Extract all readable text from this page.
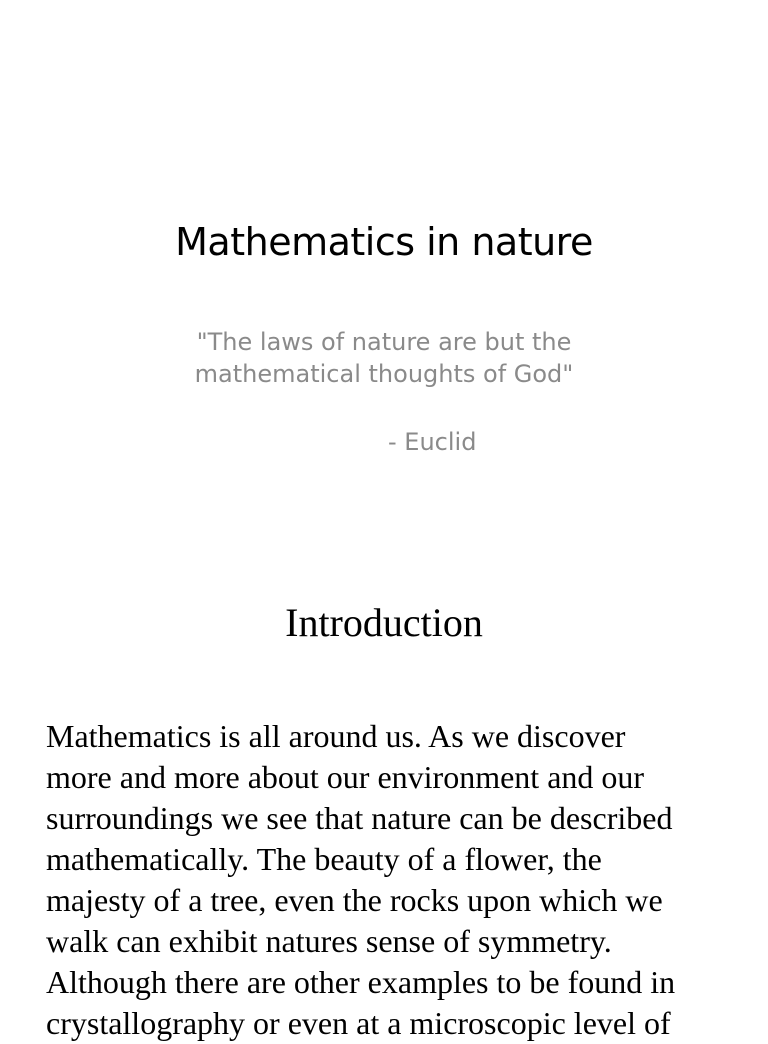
Mathematics in nature

"The laws of nature are but the
mathematical thoughts of God"

- Euclid

Introduction

Mathematics is all around us. As we discover
more and more about our environment and our
surroundings we see that nature can be described
mathematically. The beauty of a flower, the
majesty of a tree, even the rocks upon which we
walk can exhibit natures sense of symmetry.
Although there are other examples to be found in
crystallography or even at a microscopic level of
